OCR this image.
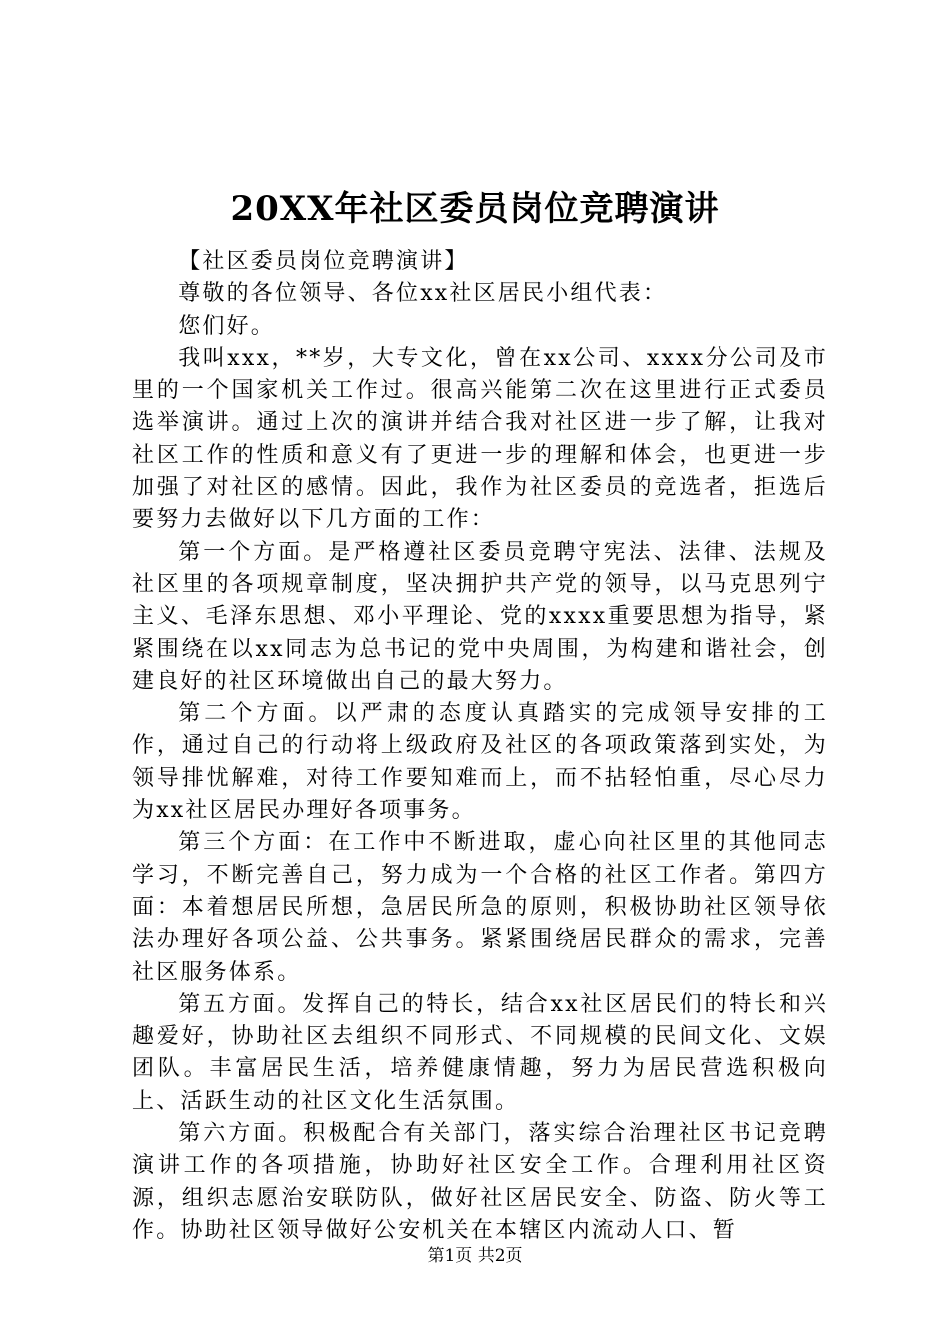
20XX年社区委员岗位竞聘演讲

【社区委员岗位竞聘演讲】

尊敬的各位领导、各位xx社区居民小组代表：

您们好。

我叫xxx，**岁，大专文化，曾在xx公司、xxxx分公司及市里的一个国家机关工作过。很高兴能第二次在这里进行正式委员选举演讲。通过上次的演讲并结合我对社区进一步了解，让我对社区工作的性质和意义有了更进一步的理解和体会，也更进一步加强了对社区的感情。因此，我作为社区委员的竞选者，拒选后要努力去做好以下几方面的工作：

第一个方面。是严格遵社区委员竞聘守宪法、法律、法规及社区里的各项规章制度，坚决拥护共产党的领导，以马克思列宁主义、毛泽东思想、邓小平理论、党的xxxx重要思想为指导，紧紧围绕在以xx同志为总书记的党中央周围，为构建和谐社会，创建良好的社区环境做出自己的最大努力。

第二个方面。以严肃的态度认真踏实的完成领导安排的工作，通过自己的行动将上级政府及社区的各项政策落到实处，为领导排忧解难，对待工作要知难而上，而不拈轻怕重，尽心尽力为xx社区居民办理好各项事务。

第三个方面：在工作中不断进取，虚心向社区里的其他同志学习，不断完善自己，努力成为一个合格的社区工作者。第四方面：本着想居民所想，急居民所急的原则，积极协助社区领导依法办理好各项公益、公共事务。紧紧围绕居民群众的需求，完善社区服务体系。

第五方面。发挥自己的特长，结合xx社区居民们的特长和兴趣爱好，协助社区去组织不同形式、不同规模的民间文化、文娱团队。丰富居民生活，培养健康情趣，努力为居民营选积极向上、活跃生动的社区文化生活氛围。

第六方面。积极配合有关部门，落实综合治理社区书记竞聘演讲工作的各项措施，协助好社区安全工作。合理利用社区资源，组织志愿治安联防队，做好社区居民安全、防盗、防火等工作。协助社区领导做好公安机关在本辖区内流动人口、暂

第1页 共2页
